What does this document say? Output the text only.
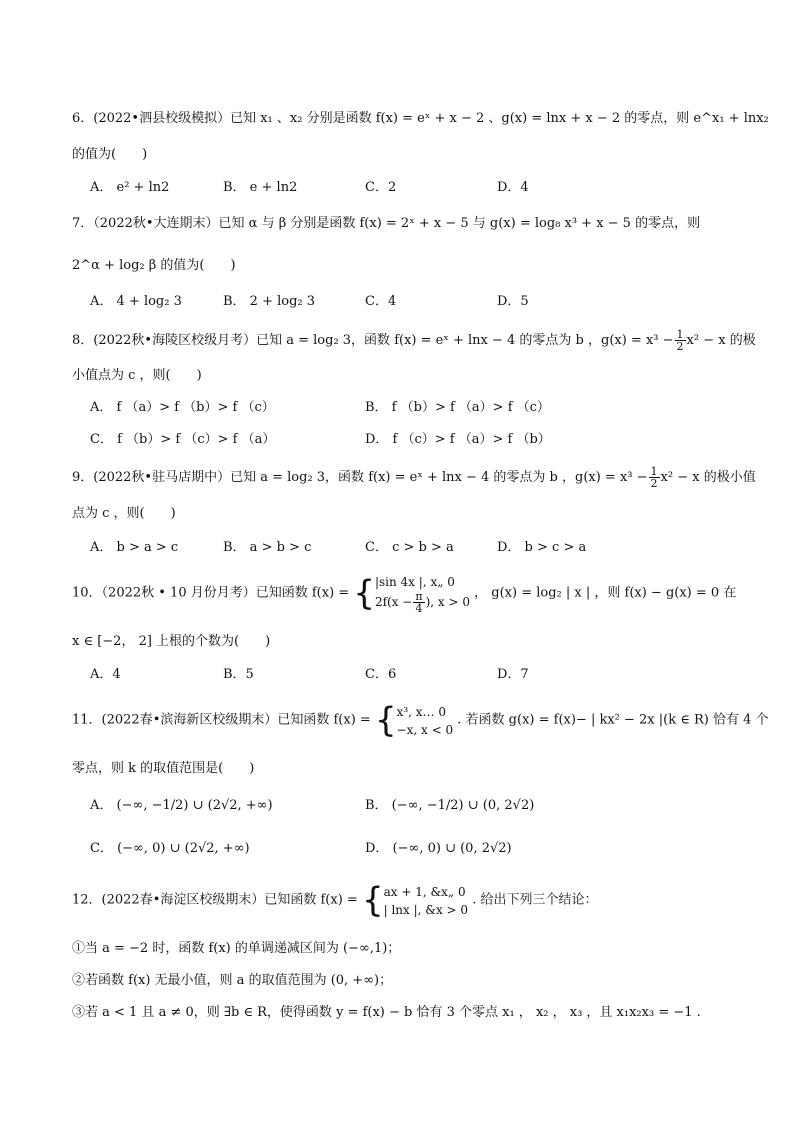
6．(2022•泗县校级模拟）已知 x₁ 、x₂ 分别是函数 f(x) = eˣ + x − 2 、g(x) = lnx + x − 2 的零点，则 e^x₁ + lnx₂
的值为(　　)
A． e² + ln2	B． e + ln2	C．2	D．4
7．（2022秋•大连期末）已知 α 与 β 分别是函数 f(x) = 2ˣ + x − 5 与 g(x) = log₈ x³ + x − 5 的零点，则
2^α + log₂ β 的值为(　　)
A． 4 + log₂ 3	B． 2 + log₂ 3	C．4	D．5
8．(2022秋•海陵区校级月考）已知 a = log₂ 3，函数 f(x) = eˣ + lnx − 4 的零点为 b ，$g(x) = x^3 - \frac{1}{2} x^2 - x$ 的极
小值点为 c ，则(　　)
A． f （a）> f （b）> f （c）	B． f （b）> f （a）> f （c）
C． f （b）> f （c）> f （a）	D． f （c）> f （a）> f （b）
9．(2022秋•驻马店期中）已知 a = log₂ 3，函数 f(x) = eˣ + lnx − 4 的零点为 b ，$g(x) = x^3 - \frac{1}{2} x^2 - x$ 的极小值
点为 c ，则(　　)
A． b > a > c	B． a > b > c	C． c > b > a	D． b > c > a
10．（2022秋 • 10 月份月考）已知函数 f(x) = { |sin 4x |, x„ 0
$2f(x - \frac{\pi}{4}$ ), x > 0
， g(x) = log₂ | x | ，则 f(x) − g(x) = 0 在
x ∈ [−2， 2] 上根的个数为(　　)
A．4	B．5	C．6	D．7
11．(2022春•滨海新区校级期末）已知函数 f(x) = { x³, x… 0
−x, x < 0
. 若函数 g(x) = f(x)− | kx² − 2x |(k ∈ R) 恰有 4 个
零点，则 k 的取值范围是(　　)
A． (−∞, −1/2) ∪ (2√2, +∞)	B． (−∞, −1/2) ∪ (0, 2√2)
C． (−∞, 0) ∪ (2√2, +∞)	D． (−∞, 0) ∪ (0, 2√2)
12．(2022春•海淀区校级期末）已知函数 f(x) = { ax + 1, &x„ 0
| lnx |, &x > 0
. 给出下列三个结论：
①当 a = −2 时，函数 f(x) 的单调递减区间为 (−∞,1)；
②若函数 f(x) 无最小值，则 a 的取值范围为 (0, +∞)；
③若 a < 1 且 a ≠ 0，则 ∃b ∈ R，使得函数 y = f(x) − b 恰有 3 个零点 x₁ ， x₂ ， x₃ ，且 x₁x₂x₃ = −1 .
